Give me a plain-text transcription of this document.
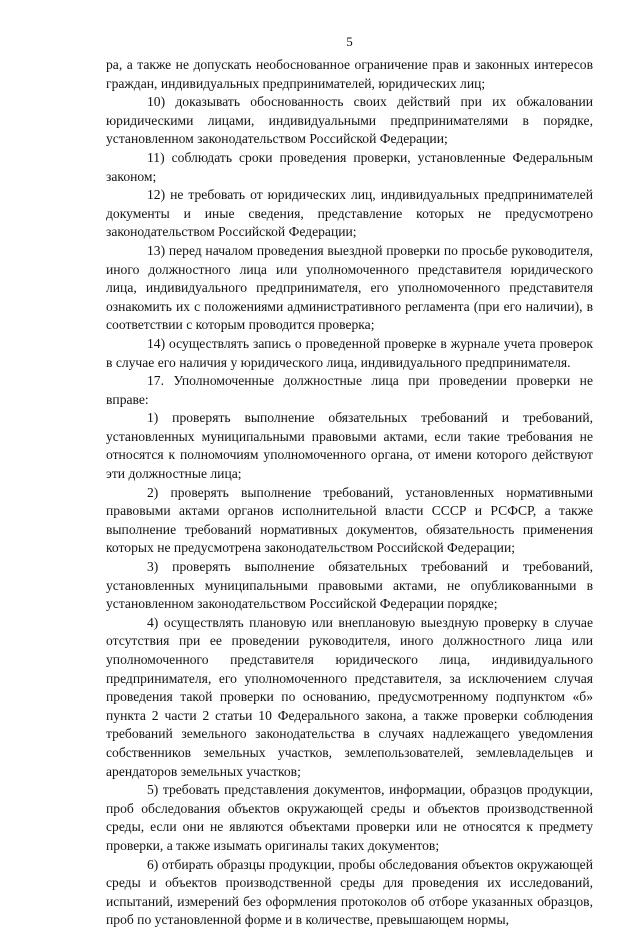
5

ра, а также не допускать необоснованное ограничение прав и законных интересов граждан, индивидуальных предпринимателей, юридических лиц;

10) доказывать обоснованность своих действий при их обжаловании юридическими лицами, индивидуальными предпринимателями в порядке, установленном законодательством Российской Федерации;

11) соблюдать сроки проведения проверки, установленные Федеральным законом;

12) не требовать от юридических лиц, индивидуальных предпринимателей документы и иные сведения, представление которых не предусмотрено законодательством Российской Федерации;

13) перед началом проведения выездной проверки по просьбе руководителя, иного должностного лица или уполномоченного представителя юридического лица, индивидуального предпринимателя, его уполномоченного представителя ознакомить их с положениями административного регламента (при его наличии), в соответствии с которым проводится проверка;

14) осуществлять запись о проведенной проверке в журнале учета проверок в случае его наличия у юридического лица, индивидуального предпринимателя.

17. Уполномоченные должностные лица при проведении проверки не вправе:

1) проверять выполнение обязательных требований и требований, установленных муниципальными правовыми актами, если такие требования не относятся к полномочиям уполномоченного органа, от имени которого действуют эти должностные лица;

2) проверять выполнение требований, установленных нормативными правовыми актами органов исполнительной власти СССР и РСФСР, а также выполнение требований нормативных документов, обязательность применения которых не предусмотрена законодательством Российской Федерации;

3) проверять выполнение обязательных требований и требований, установленных муниципальными правовыми актами, не опубликованными в установленном законодательством Российской Федерации порядке;

4) осуществлять плановую или внеплановую выездную проверку в случае отсутствия при ее проведении руководителя, иного должностного лица или уполномоченного представителя юридического лица, индивидуального предпринимателя, его уполномоченного представителя, за исключением случая проведения такой проверки по основанию, предусмотренному подпунктом «б» пункта 2 части 2 статьи 10 Федерального закона, а также проверки соблюдения требований земельного законодательства в случаях надлежащего уведомления собственников земельных участков, землепользователей, землевладельцев и арендаторов земельных участков;

5) требовать представления документов, информации, образцов продукции, проб обследования объектов окружающей среды и объектов производственной среды, если они не являются объектами проверки или не относятся к предмету проверки, а также изымать оригиналы таких документов;

6) отбирать образцы продукции, пробы обследования объектов окружающей среды и объектов производственной среды для проведения их исследований, испытаний, измерений без оформления протоколов об отборе указанных образцов, проб по установленной форме и в количестве, превышающем нормы,
